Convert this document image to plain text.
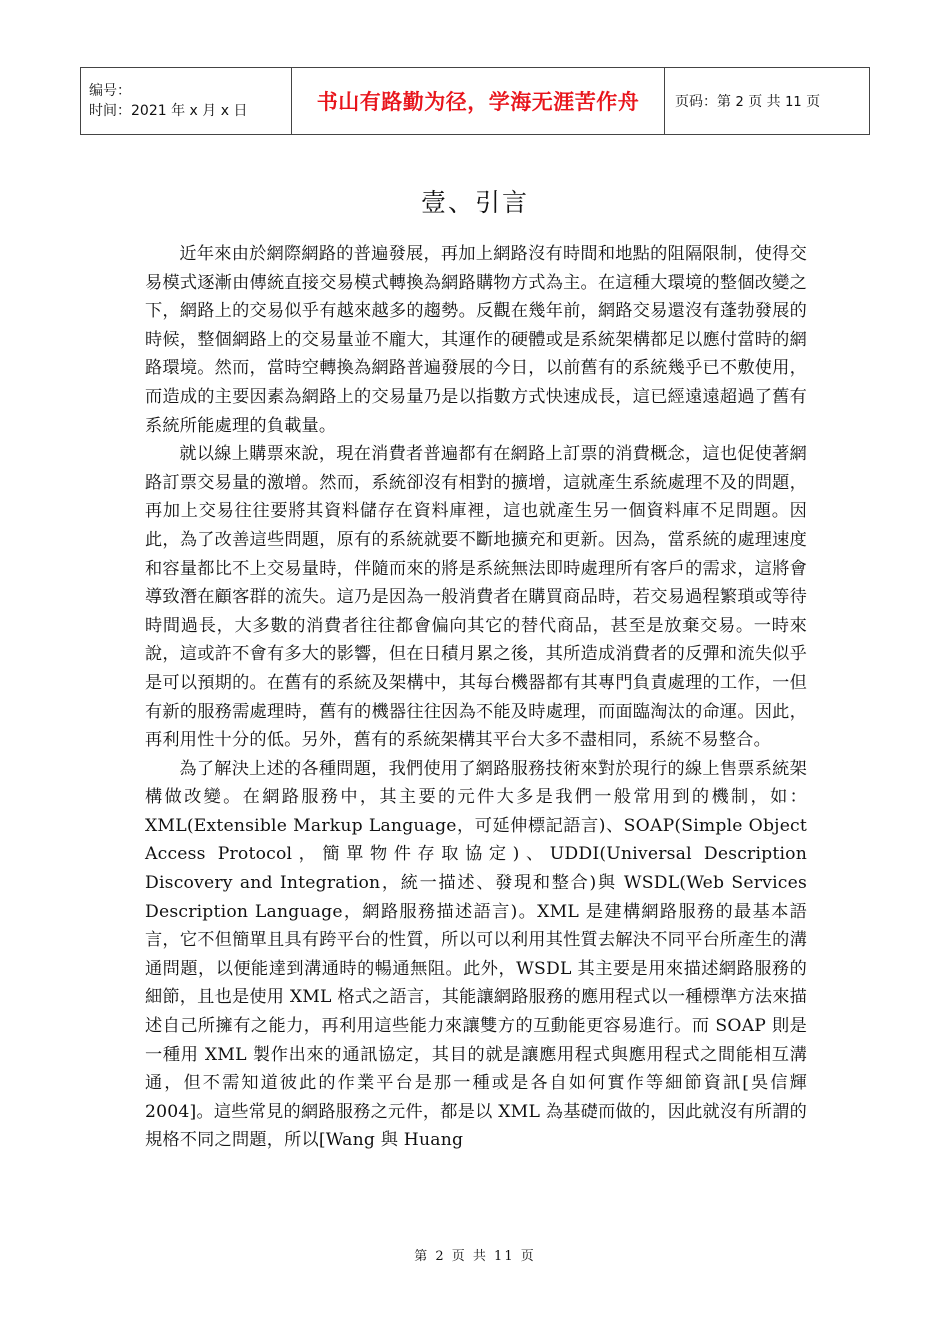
编号：
时间：2021 年 x 月 x 日	书山有路勤为径，学海无涯苦作舟	页码：第 2 页 共 11 页
壹、引言

近年來由於網際網路的普遍發展，再加上網路沒有時間和地點的阻隔限制，使得交易模式逐漸由傳統直接交易模式轉換為網路購物方式為主。在這種大環境的整個改變之下，網路上的交易似乎有越來越多的趨勢。反觀在幾年前，網路交易還沒有蓬勃發展的時候，整個網路上的交易量並不龐大，其運作的硬體或是系統架構都足以應付當時的網路環境。然而，當時空轉換為網路普遍發展的今日，以前舊有的系統幾乎已不敷使用，而造成的主要因素為網路上的交易量乃是以指數方式快速成長，這已經遠遠超過了舊有系統所能處理的負載量。

就以線上購票來說，現在消費者普遍都有在網路上訂票的消費概念，這也促使著網路訂票交易量的激增。然而，系統卻沒有相對的擴增，這就產生系統處理不及的問題，再加上交易往往要將其資料儲存在資料庫裡，這也就產生另一個資料庫不足問題。因此，為了改善這些問題，原有的系統就要不斷地擴充和更新。因為，當系統的處理速度和容量都比不上交易量時，伴隨而來的將是系統無法即時處理所有客戶的需求，這將會導致潛在顧客群的流失。這乃是因為一般消費者在購買商品時，若交易過程繁瑣或等待時間過長，大多數的消費者往往都會偏向其它的替代商品，甚至是放棄交易。一時來說，這或許不會有多大的影響，但在日積月累之後，其所造成消費者的反彈和流失似乎是可以預期的。在舊有的系統及架構中，其每台機器都有其專門負責處理的工作，一但有新的服務需處理時，舊有的機器往往因為不能及時處理，而面臨淘汰的命運。因此，再利用性十分的低。另外，舊有的系統架構其平台大多不盡相同，系統不易整合。

為了解決上述的各種問題，我們使用了網路服務技術來對於現行的線上售票系統架構做改變。在網路服務中，其主要的元件大多是我們一般常用到的機制，如：XML(Extensible Markup Language，可延伸標記語言)、SOAP(Simple Object Access Protocol，簡單物件存取協定)、UDDI(Universal Description Discovery and Integration，統一描述、發現和整合)與 WSDL(Web Services Description Language，網路服務描述語言)。XML 是建構網路服務的最基本語言，它不但簡單且具有跨平台的性質，所以可以利用其性質去解決不同平台所產生的溝通問題，以便能達到溝通時的暢通無阻。此外，WSDL 其主要是用來描述網路服務的細節，且也是使用 XML 格式之語言，其能讓網路服務的應用程式以一種標準方法來描述自己所擁有之能力，再利用這些能力來讓雙方的互動能更容易進行。而 SOAP 則是一種用 XML 製作出來的通訊協定，其目的就是讓應用程式與應用程式之間能相互溝通，但不需知道彼此的作業平台是那一種或是各自如何實作等細節資訊[吳信輝 2004]。這些常見的網路服務之元件，都是以 XML 為基礎而做的，因此就沒有所謂的規格不同之問題，所以[Wang 與 Huang

第 2 页 共 11 页
